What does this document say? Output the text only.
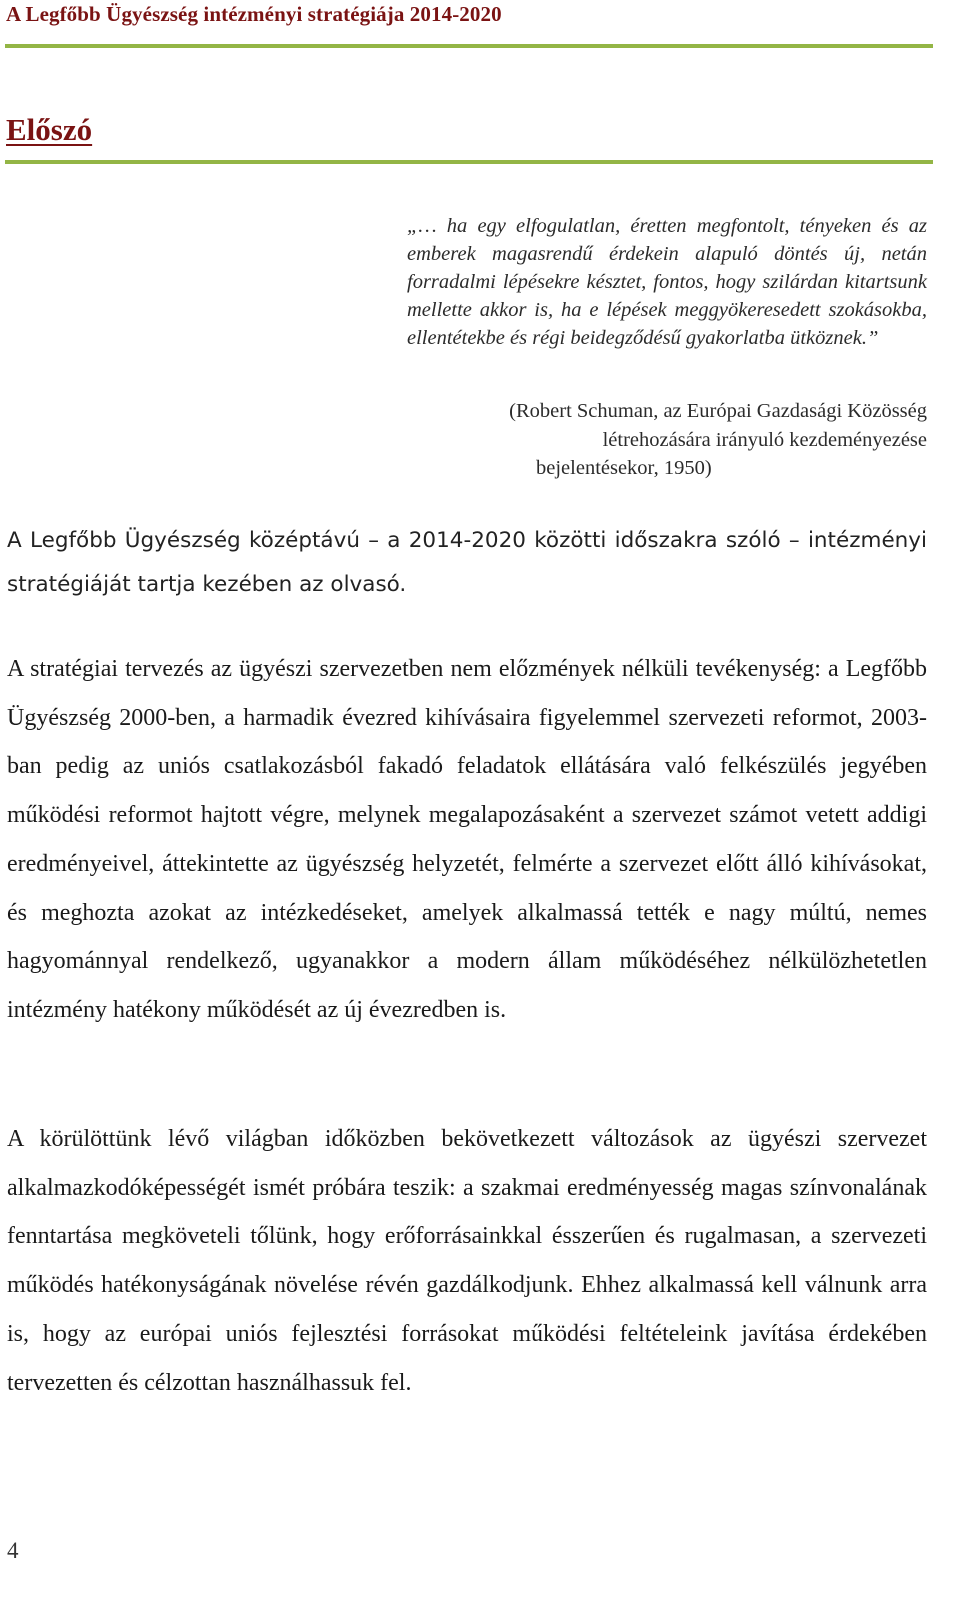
A Legfőbb Ügyészség intézményi stratégiája 2014-2020
Előszó

„… ha egy elfogulatlan, éretten megfontolt, tényeken és az emberek magasrendű érdekein alapuló döntés új, netán forradalmi lépésekre késztet, fontos, hogy szilárdan kitartsunk mellette akkor is, ha e lépések meggyökeresedett szokásokba, ellentétekbe és régi beidegződésű gyakorlatba ütköznek.”

(Robert Schuman, az Európai Gazdasági Közösség
létrehozására irányuló kezdeményezése
bejelentésekor, 1950)

A Legfőbb Ügyészség középtávú – a 2014-2020 közötti időszakra szóló – intézményi stratégiáját tartja kezében az olvasó.

A stratégiai tervezés az ügyészi szervezetben nem előzmények nélküli tevékenység: a Legfőbb Ügyészség 2000-ben, a harmadik évezred kihívásaira figyelemmel szervezeti reformot, 2003-ban pedig az uniós csatlakozásból fakadó feladatok ellátására való felkészülés jegyében működési reformot hajtott végre, melynek megalapozásaként a szervezet számot vetett addigi eredményeivel, áttekintette az ügyészség helyzetét, felmérte a szervezet előtt álló kihívásokat, és meghozta azokat az intézkedéseket, amelyek alkalmassá tették e nagy múltú, nemes hagyománnyal rendelkező, ugyanakkor a modern állam működéséhez nélkülözhetetlen intézmény hatékony működését az új évezredben is.

A körülöttünk lévő világban időközben bekövetkezett változások az ügyészi szervezet alkalmazkodóképességét ismét próbára teszik: a szakmai eredményesség magas színvonalának fenntartása megköveteli tőlünk, hogy erőforrásainkkal ésszerűen és rugalmasan, a szervezeti működés hatékonyságának növelése révén gazdálkodjunk. Ehhez alkalmassá kell válnunk arra is, hogy az európai uniós fejlesztési forrásokat működési feltételeink javítása érdekében tervezetten és célzottan használhassuk fel.

4
